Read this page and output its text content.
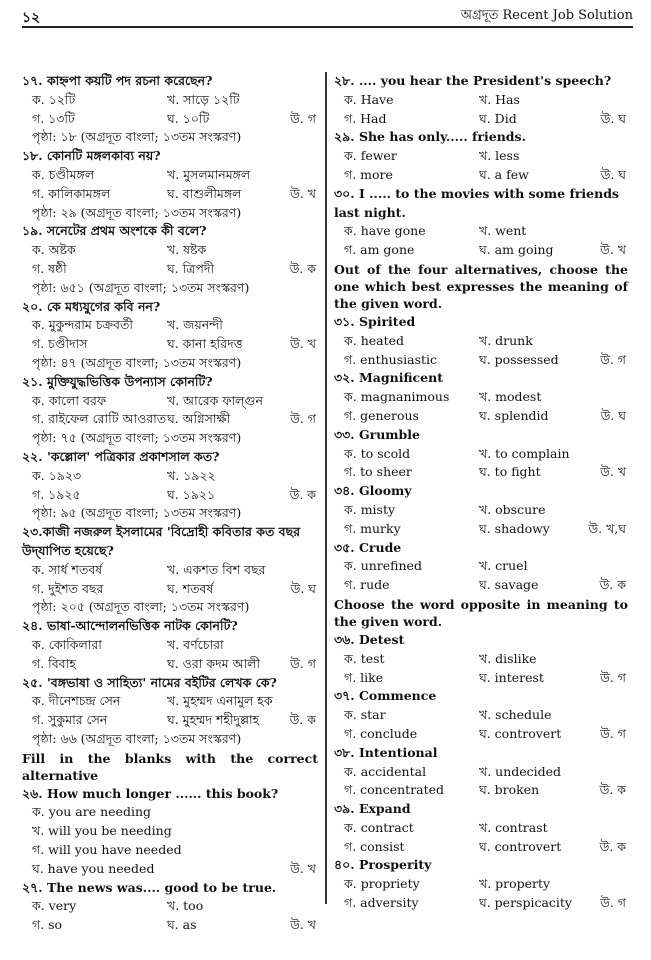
১২	অগ্রদূত Recent Job Solution
১৭. কাহ্নপা কয়টি পদ রচনা করেছেন?
ক. ১২টি	খ. সাড়ে ১২টি
গ. ১৩টি	ঘ. ১০টি	উ. গ
পৃষ্ঠা: ১৮ (অগ্রদূত বাংলা; ১৩তম সংস্করণ)
১৮. কোনটি মঙ্গলকাব্য নয়?
ক. চণ্ডীমঙ্গল	খ. মুসলমানমঙ্গল
গ. কালিকামঙ্গল	ঘ. বাশুলীমঙ্গল	উ. খ
পৃষ্ঠা: ২৯ (অগ্রদূত বাংলা; ১৩তম সংস্করণ)
১৯. সনেটের প্রথম অংশকে কী বলে?
ক. অষ্টক	খ. ষষ্টক
গ. ষষ্ঠী	ঘ. ত্রিপদী	উ. ক
পৃষ্ঠা: ৬৫১ (অগ্রদূত বাংলা; ১৩তম সংস্করণ)
২০. কে মধ্যযুগের কবি নন?
ক. মুকুন্দরাম চক্রবর্তী	খ. জয়নন্দী
গ. চণ্ডীদাস	ঘ. কানা হরিদত্ত	উ. খ
পৃষ্ঠা: ৪৭ (অগ্রদূত বাংলা; ১৩তম সংস্করণ)
২১. মুক্তিযুদ্ধভিত্তিক উপন্যাস কোনটি?
ক. কালো বরফ	খ. আরেক ফাল্গুন
গ. রাইফেল রোটি আওরাত ঘ. অগ্নিসাক্ষী	উ. গ
পৃষ্ঠা: ৭৫ (অগ্রদূত বাংলা; ১৩তম সংস্করণ)
২২. 'কল্লোল' পত্রিকার প্রকাশসাল কত?
ক. ১৯২৩	খ. ১৯২২
গ. ১৯২৫	ঘ. ১৯২১	উ. ক
পৃষ্ঠা: ৯৫ (অগ্রদূত বাংলা; ১৩তম সংস্করণ)
২৩.কাজী নজরুল ইসলামের 'বিদ্রোহী কবিতার কত বছর উদ্‌যাপিত হয়েছে?
ক. সার্ধ শতবর্ষ	খ. একশত বিশ বছর
গ. দুইশত বছর	ঘ. শতবর্ষ	উ. ঘ
পৃষ্ঠা: ২০৫ (অগ্রদূত বাংলা; ১৩তম সংস্করণ)
২৪. ভাষা-আন্দোলনভিত্তিক নাটক কোনটি?
ক. কোকিলারা	খ. বর্ণচোরা
গ. বিবাহ	ঘ. ওরা কদম আলী উ. গ
২৫. 'বঙ্গভাষা ও সাহিত্য' নামের বইটির লেখক কে?
ক. দীনেশচন্দ্র সেন	খ. মুহম্মদ এনামুল হক
গ. সুকুমার সেন	ঘ. মুহম্মদ শহীদুল্লাহ উ. ক
পৃষ্ঠা: ৬৬ (অগ্রদূত বাংলা; ১৩তম সংস্করণ)
Fill in the blanks with the correct alternative
২৬. How much longer ...... this book?
ক. you are needing
খ. will you be needing
গ. will you have needed
ঘ. have you needed	উ. খ
২৭. The news was.... good to be true.
ক. very	খ. too
গ. so	ঘ. as	উ. খ
২৮. .... you hear the President's speech?
ক. Have	খ. Has
গ. Had	ঘ. Did	উ. ঘ
২৯. She has only..... friends.
ক. fewer	খ. less
গ. more	ঘ. a few	উ. ঘ
৩০. I ..... to the movies with some friends last night.
ক. have gone	খ. went
গ. am gone	ঘ. am going	উ. খ
Out of the four alternatives, choose the one which best expresses the meaning of the given word.
৩১. Spirited
ক. heated	খ. drunk
গ. enthusiastic	ঘ. possessed	উ. গ
৩২. Magnificent
ক. magnanimous খ. modest
গ. generous	ঘ. splendid	উ. ঘ
৩৩. Grumble
ক. to scold	খ. to complain
গ. to sheer	ঘ. to fight	উ. খ
৩৪. Gloomy
ক. misty	খ. obscure
গ. murky	ঘ. shadowy	উ. খ,ঘ
৩৫. Crude
ক. unrefined	খ. cruel
গ. rude	ঘ. savage	উ. ক
Choose the word opposite in meaning to the given word.
৩৬. Detest
ক. test	খ. dislike
গ. like	ঘ. interest	উ. গ
৩৭. Commence
ক. star	খ. schedule
গ. conclude	ঘ. controvert	উ. গ
৩৮. Intentional
ক. accidental	খ. undecided
গ. concentrated	ঘ. broken	উ. ক
৩৯. Expand
ক. contract	খ. contrast
গ. consist	ঘ. controvert	উ. ক
৪০. Prosperity
ক. propriety	খ. property
গ. adversity	ঘ. perspicacity উ. গ
